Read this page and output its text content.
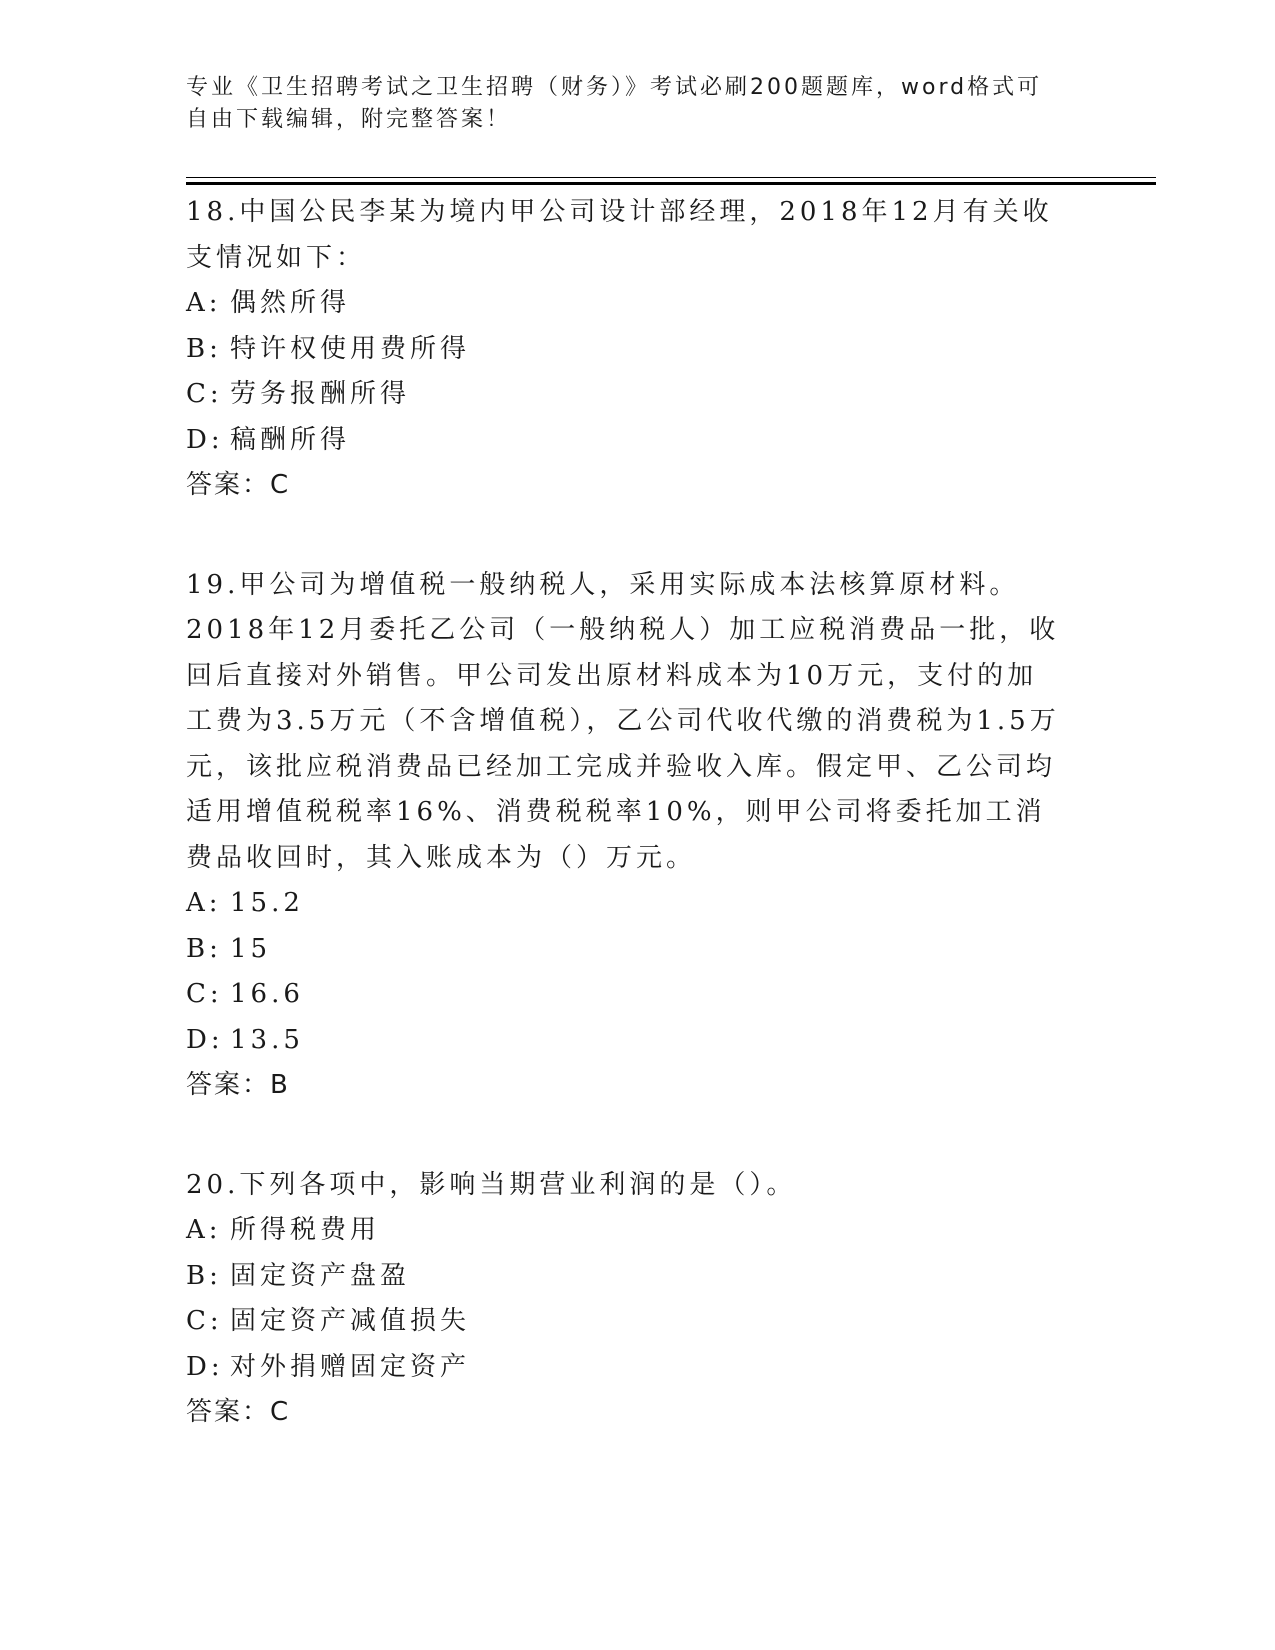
专业《卫生招聘考试之卫生招聘（财务）》考试必刷200题题库，word格式可自由下载编辑，附完整答案！

18.中国公民李某为境内甲公司设计部经理，2018年12月有关收支情况如下：

A: 偶然所得

B: 特许权使用费所得

C: 劳务报酬所得

D: 稿酬所得

答案：C

19.甲公司为增值税一般纳税人，采用实际成本法核算原材料。2018年12月委托乙公司（一般纳税人）加工应税消费品一批，收回后直接对外销售。甲公司发出原材料成本为10万元，支付的加工费为3.5万元（不含增值税），乙公司代收代缴的消费税为1.5万元，该批应税消费品已经加工完成并验收入库。假定甲、乙公司均适用增值税税率16%、消费税税率10%，则甲公司将委托加工消费品收回时，其入账成本为（）万元。

A: 15.2

B: 15

C: 16.6

D: 13.5

答案：B

20.下列各项中，影响当期营业利润的是（）。

A: 所得税费用

B: 固定资产盘盈

C: 固定资产减值损失

D: 对外捐赠固定资产

答案：C
